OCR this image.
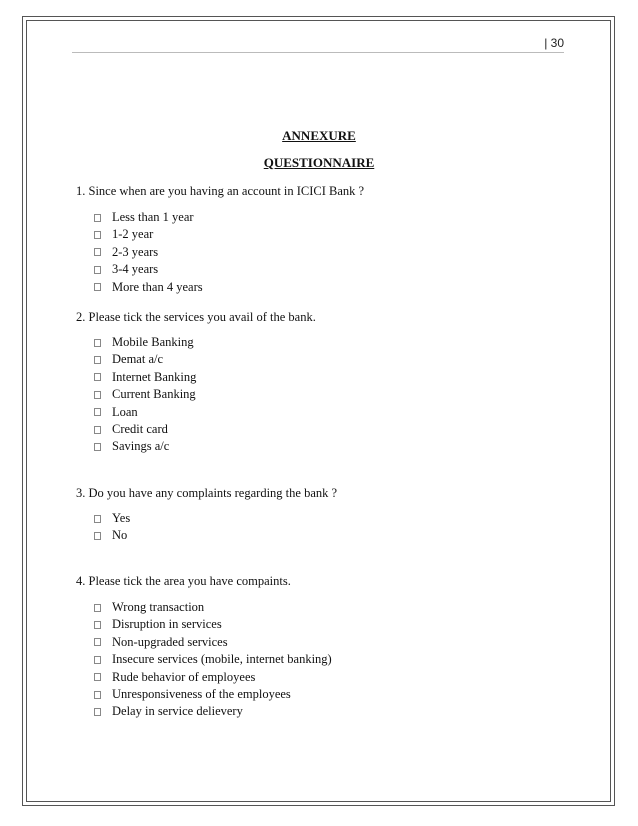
| 30
ANNEXURE
QUESTIONNAIRE
1. Since when are you having an account in ICICI Bank ?
Less than 1 year
1-2 year
2-3 years
3-4 years
More than 4 years
2. Please tick the services you avail of the bank.
Mobile Banking
Demat a/c
Internet Banking
Current Banking
Loan
Credit card
Savings a/c
3. Do you have any complaints regarding the bank ?
Yes
No
4. Please tick the area you have compaints.
Wrong transaction
Disruption in services
Non-upgraded services
Insecure services (mobile, internet banking)
Rude behavior of employees
Unresponsiveness of the employees
Delay in service delievery
